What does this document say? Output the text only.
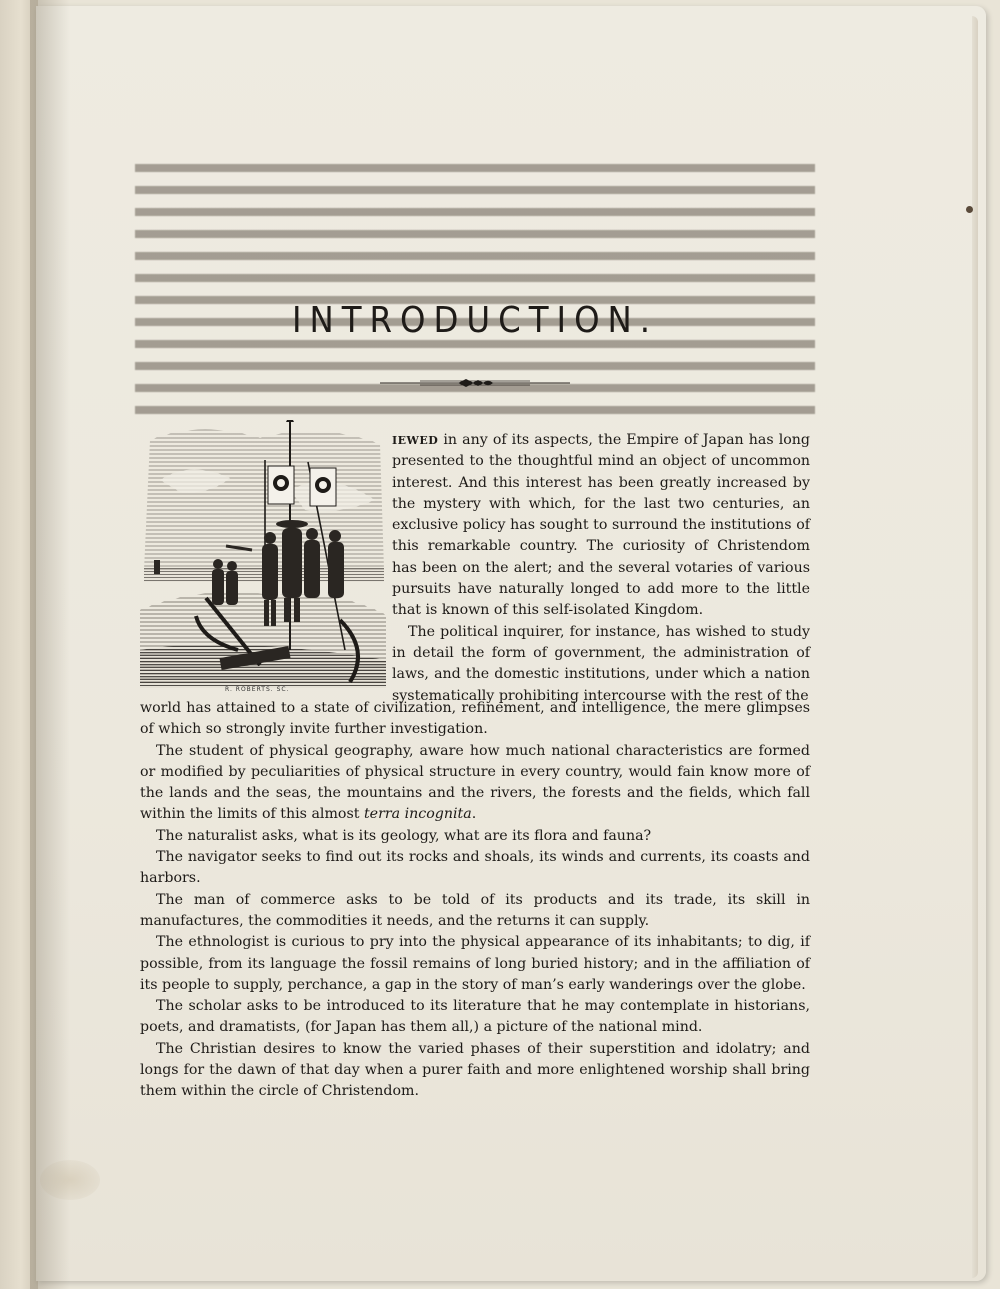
INTRODUCTION.
R. ROBERTS. SC.

IEWED in any of its aspects, the Empire of Japan has long presented to the thoughtful mind an object of uncommon interest. And this interest has been greatly increased by the mystery with which, for the last two centuries, an exclusive policy has sought to surround the institutions of this remarkable country. The curiosity of Christendom has been on the alert; and the several votaries of various pursuits have naturally longed to add more to the little that is known of this self-isolated Kingdom.

The political inquirer, for instance, has wished to study in detail the form of government, the administration of laws, and the domestic institutions, under which a nation systematically prohibiting intercourse with the rest of the

world has attained to a state of civilization, refinement, and intelligence, the mere glimpses of which so strongly invite further investigation.

The student of physical geography, aware how much national characteristics are formed or modified by peculiarities of physical structure in every country, would fain know more of the lands and the seas, the mountains and the rivers, the forests and the fields, which fall within the limits of this almost terra incognita.

The naturalist asks, what is its geology, what are its flora and fauna?

The navigator seeks to find out its rocks and shoals, its winds and currents, its coasts and harbors.

The man of commerce asks to be told of its products and its trade, its skill in manufactures, the commodities it needs, and the returns it can supply.

The ethnologist is curious to pry into the physical appearance of its inhabitants; to dig, if possible, from its language the fossil remains of long buried history; and in the affiliation of its people to supply, perchance, a gap in the story of man’s early wanderings over the globe.

The scholar asks to be introduced to its literature that he may contemplate in historians, poets, and dramatists, (for Japan has them all,) a picture of the national mind.

The Christian desires to know the varied phases of their superstition and idolatry; and longs for the dawn of that day when a purer faith and more enlightened worship shall bring them within the circle of Christendom.
